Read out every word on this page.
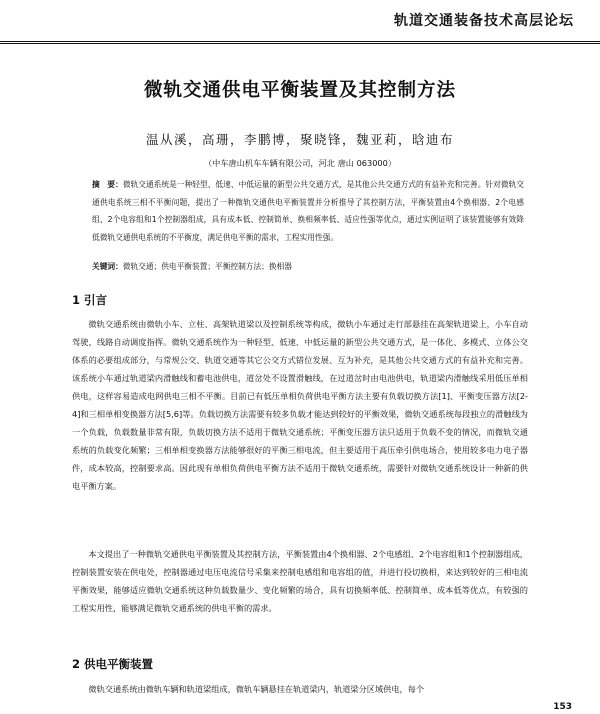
轨道交通装备技术高层论坛
微轨交通供电平衡装置及其控制方法
温从溪，高珊，李鹏博，聚晓锋，魏亚莉，晗迪布
（中车唐山机车车辆有限公司，河北 唐山 063000）
摘　要：微轨交通系统是一种轻型、低速、中低运量的新型公共交通方式，是其他公共交通方式的有益补充和完善。针对微轨交通供电系统三相不平衡问题，提出了一种微轨交通供电平衡装置并分析推导了其控制方法，平衡装置由4个换相器、2个电感组、2个电容组和1个控制器组成，具有成本低、控制简单、换相频率低、适应性强等优点，通过实例证明了该装置能够有效降低微轨交通供电系统的不平衡度，满足供电平衡的需求，工程实用性强。
关键词：微轨交通；供电平衡装置；平衡控制方法；换相器
1 引言

微轨交通系统由微轨小车、立柱、高架轨道梁以及控制系统等构成，微轨小车通过走行部悬挂在高架轨道梁上，小车自动驾驶，线路自动调度指挥。微轨交通系统作为一种轻型、低速、中低运量的新型公共交通方式，是一体化、多模式、立体公交体系的必要组成部分，与常规公交、轨道交通等其它公交方式错位发展、互为补充，是其他公共交通方式的有益补充和完善。该系统小车通过轨道梁内滑触线和蓄电池供电，道岔处不设置滑触线，在过道岔时由电池供电，轨道梁内滑触线采用低压单相供电，这样容易造成电网供电三相不平衡。目前已有低压单相负荷供电平衡方法主要有负载切换方法[1]、平衡变压器方法[2-4]和三相单相变换器方法[5,6]等。负载切换方法需要有较多负载才能达到较好的平衡效果，微轨交通系统每段独立的滑触线为一个负载，负载数量非常有限，负载切换方法不适用于微轨交通系统；平衡变压器方法只适用于负载不变的情况，而微轨交通系统的负载变化频繁；三相单相变换器方法能够很好的平衡三相电流，但主要适用于高压牵引供电场合，使用较多电力电子器件，成本较高，控制要求高。因此现有单相负荷供电平衡方法不适用于微轨交通系统，需要针对微轨交通系统设计一种新的供电平衡方案。

本文提出了一种微轨交通供电平衡装置及其控制方法，平衡装置由4个换相器、2个电感组、2个电容组和1个控制器组成，控制装置安装在供电处，控制器通过电压电流信号采集来控制电感组和电容组的值，并进行投切换相，来达到较好的三相电流平衡效果，能够适应微轨交通系统这种负载数量少、变化频繁的场合，具有切换频率低、控制简单、成本低等优点，有较强的工程实用性，能够满足微轨交通系统的供电平衡的需求。

2 供电平衡装置

微轨交通系统由微轨车辆和轨道梁组成，微轨车辆悬挂在轨道梁内，轨道梁分区域供电，每个

153
